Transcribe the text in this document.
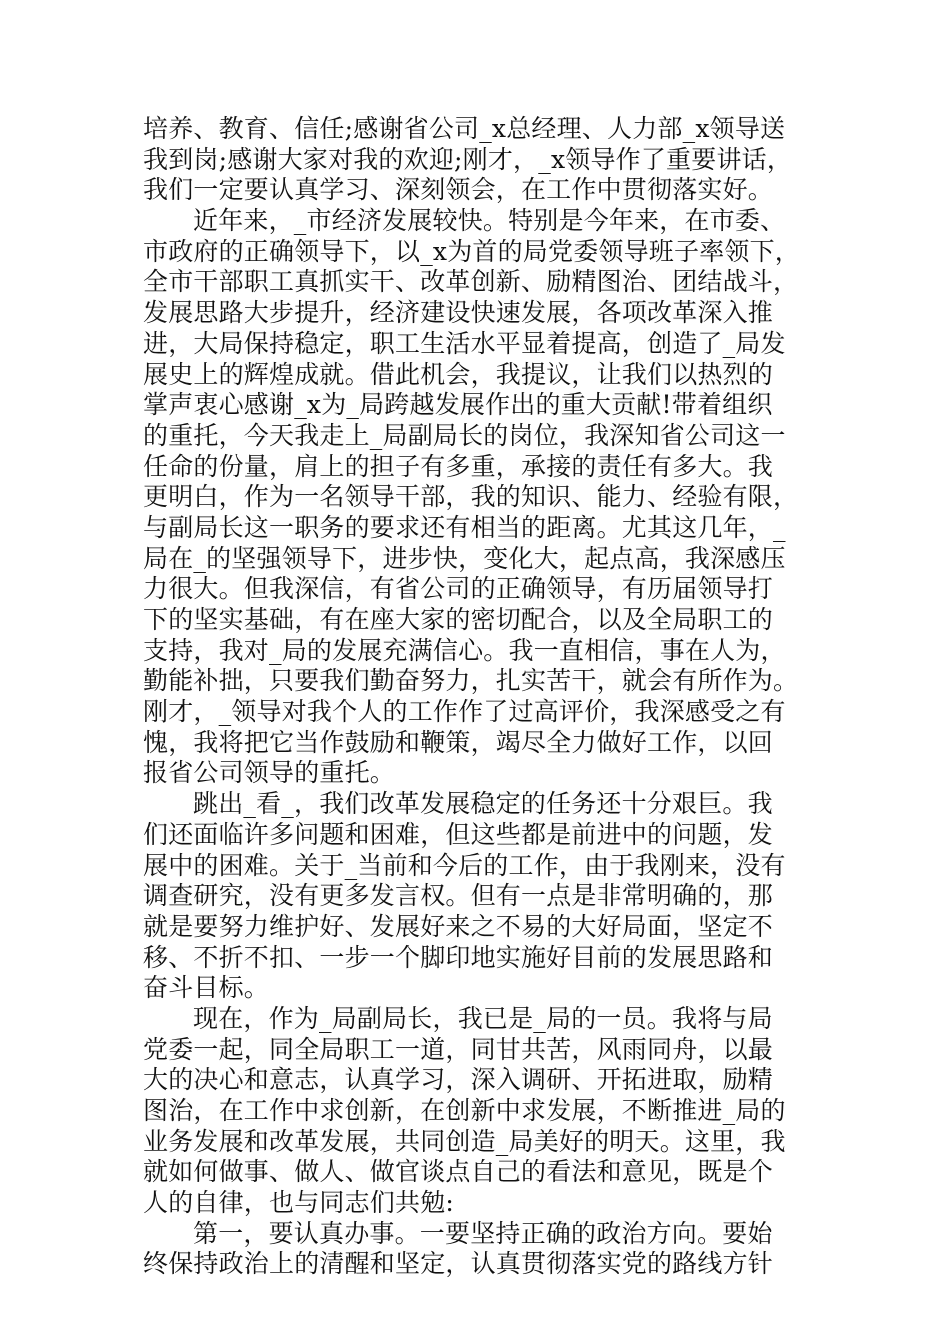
培养、教育、信任;感谢省公司_x总经理、人力部_x领导送
我到岗;感谢大家对我的欢迎;刚才，_x领导作了重要讲话，
我们一定要认真学习、深刻领会，在工作中贯彻落实好。
近年来，_市经济发展较快。特别是今年来，在市委、
市政府的正确领导下，以_x为首的局党委领导班子率领下，
全市干部职工真抓实干、改革创新、励精图治、团结战斗，
发展思路大步提升，经济建设快速发展，各项改革深入推
进，大局保持稳定，职工生活水平显着提高，创造了_局发
展史上的辉煌成就。借此机会，我提议，让我们以热烈的
掌声衷心感谢_x为_局跨越发展作出的重大贡献!带着组织
的重托，今天我走上_局副局长的岗位，我深知省公司这一
任命的份量，肩上的担子有多重，承接的责任有多大。我
更明白，作为一名领导干部，我的知识、能力、经验有限，
与副局长这一职务的要求还有相当的距离。尤其这几年，_
局在_的坚强领导下，进步快，变化大，起点高，我深感压
力很大。但我深信，有省公司的正确领导，有历届领导打
下的坚实基础，有在座大家的密切配合，以及全局职工的
支持，我对_局的发展充满信心。我一直相信，事在人为，
勤能补拙，只要我们勤奋努力，扎实苦干，就会有所作为。
刚才，_领导对我个人的工作作了过高评价，我深感受之有
愧，我将把它当作鼓励和鞭策，竭尽全力做好工作，以回
报省公司领导的重托。
跳出_看_，我们改革发展稳定的任务还十分艰巨。我
们还面临许多问题和困难，但这些都是前进中的问题，发
展中的困难。关于_当前和今后的工作，由于我刚来，没有
调查研究，没有更多发言权。但有一点是非常明确的，那
就是要努力维护好、发展好来之不易的大好局面，坚定不
移、不折不扣、一步一个脚印地实施好目前的发展思路和
奋斗目标。
现在，作为_局副局长，我已是_局的一员。我将与局
党委一起，同全局职工一道，同甘共苦，风雨同舟，以最
大的决心和意志，认真学习，深入调研、开拓进取，励精
图治，在工作中求创新，在创新中求发展，不断推进_局的
业务发展和改革发展，共同创造_局美好的明天。这里，我
就如何做事、做人、做官谈点自己的看法和意见，既是个
人的自律，也与同志们共勉:
第一，要认真办事。一要坚持正确的政治方向。要始
终保持政治上的清醒和坚定，认真贯彻落实党的路线方针
